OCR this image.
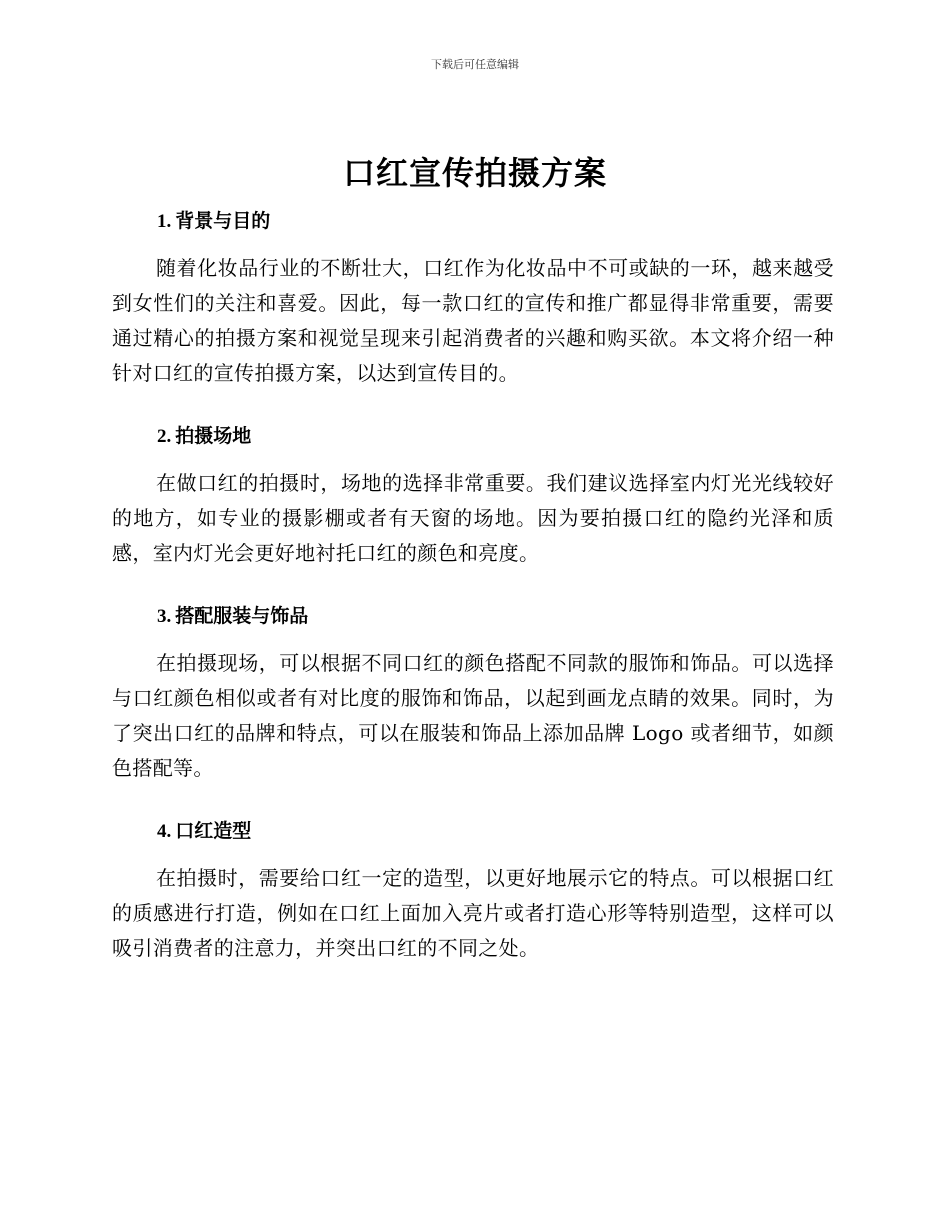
下载后可任意编辑
口红宣传拍摄方案
1. 背景与目的

随着化妆品行业的不断壮大，口红作为化妆品中不可或缺的一环，越来越受到女性们的关注和喜爱。因此，每一款口红的宣传和推广都显得非常重要，需要通过精心的拍摄方案和视觉呈现来引起消费者的兴趣和购买欲。本文将介绍一种针对口红的宣传拍摄方案，以达到宣传目的。

2. 拍摄场地

在做口红的拍摄时，场地的选择非常重要。我们建议选择室内灯光光线较好的地方，如专业的摄影棚或者有天窗的场地。因为要拍摄口红的隐约光泽和质感，室内灯光会更好地衬托口红的颜色和亮度。

3. 搭配服装与饰品

在拍摄现场，可以根据不同口红的颜色搭配不同款的服饰和饰品。可以选择与口红颜色相似或者有对比度的服饰和饰品，以起到画龙点睛的效果。同时，为了突出口红的品牌和特点，可以在服装和饰品上添加品牌 Logo 或者细节，如颜色搭配等。

4. 口红造型

在拍摄时，需要给口红一定的造型，以更好地展示它的特点。可以根据口红的质感进行打造，例如在口红上面加入亮片或者打造心形等特别造型，这样可以吸引消费者的注意力，并突出口红的不同之处。
